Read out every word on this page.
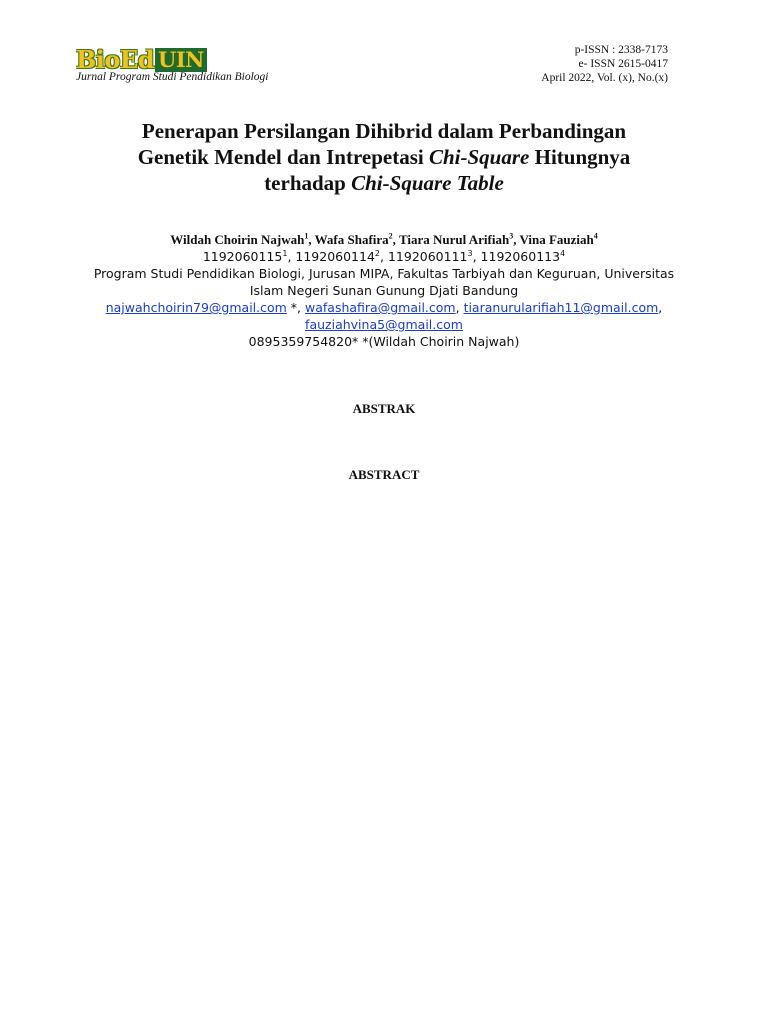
BioEd UIN
Jurnal Program Studi Pendidikan Biologi
p-ISSN : 2338-7173
e- ISSN 2615-0417
April 2022, Vol. (x), No.(x)
Penerapan Persilangan Dihibrid dalam Perbandingan
Genetik Mendel dan Intrepetasi Chi-Square Hitungnya
terhadap Chi-Square Table
Wildah Choirin Najwah$^1$, Wafa Shafira$^2$, Tiara Nurul Arifiah$^3$, Vina Fauziah$^4$
1192060115$^1$, 1192060114$^2$, 1192060111$^3$, 1192060113$^4$
Program Studi Pendidikan Biologi, Jurusan MIPA, Fakultas Tarbiyah dan Keguruan, Universitas
Islam Negeri Sunan Gunung Djati Bandung
najwahchoirin79@gmail.com *, wafashafira@gmail.com, tiaranurularifiah11@gmail.com,
fauziahvina5@gmail.com
0895359754820* *(Wildah Choirin Najwah)
ABSTRAK
ABSTRACT
